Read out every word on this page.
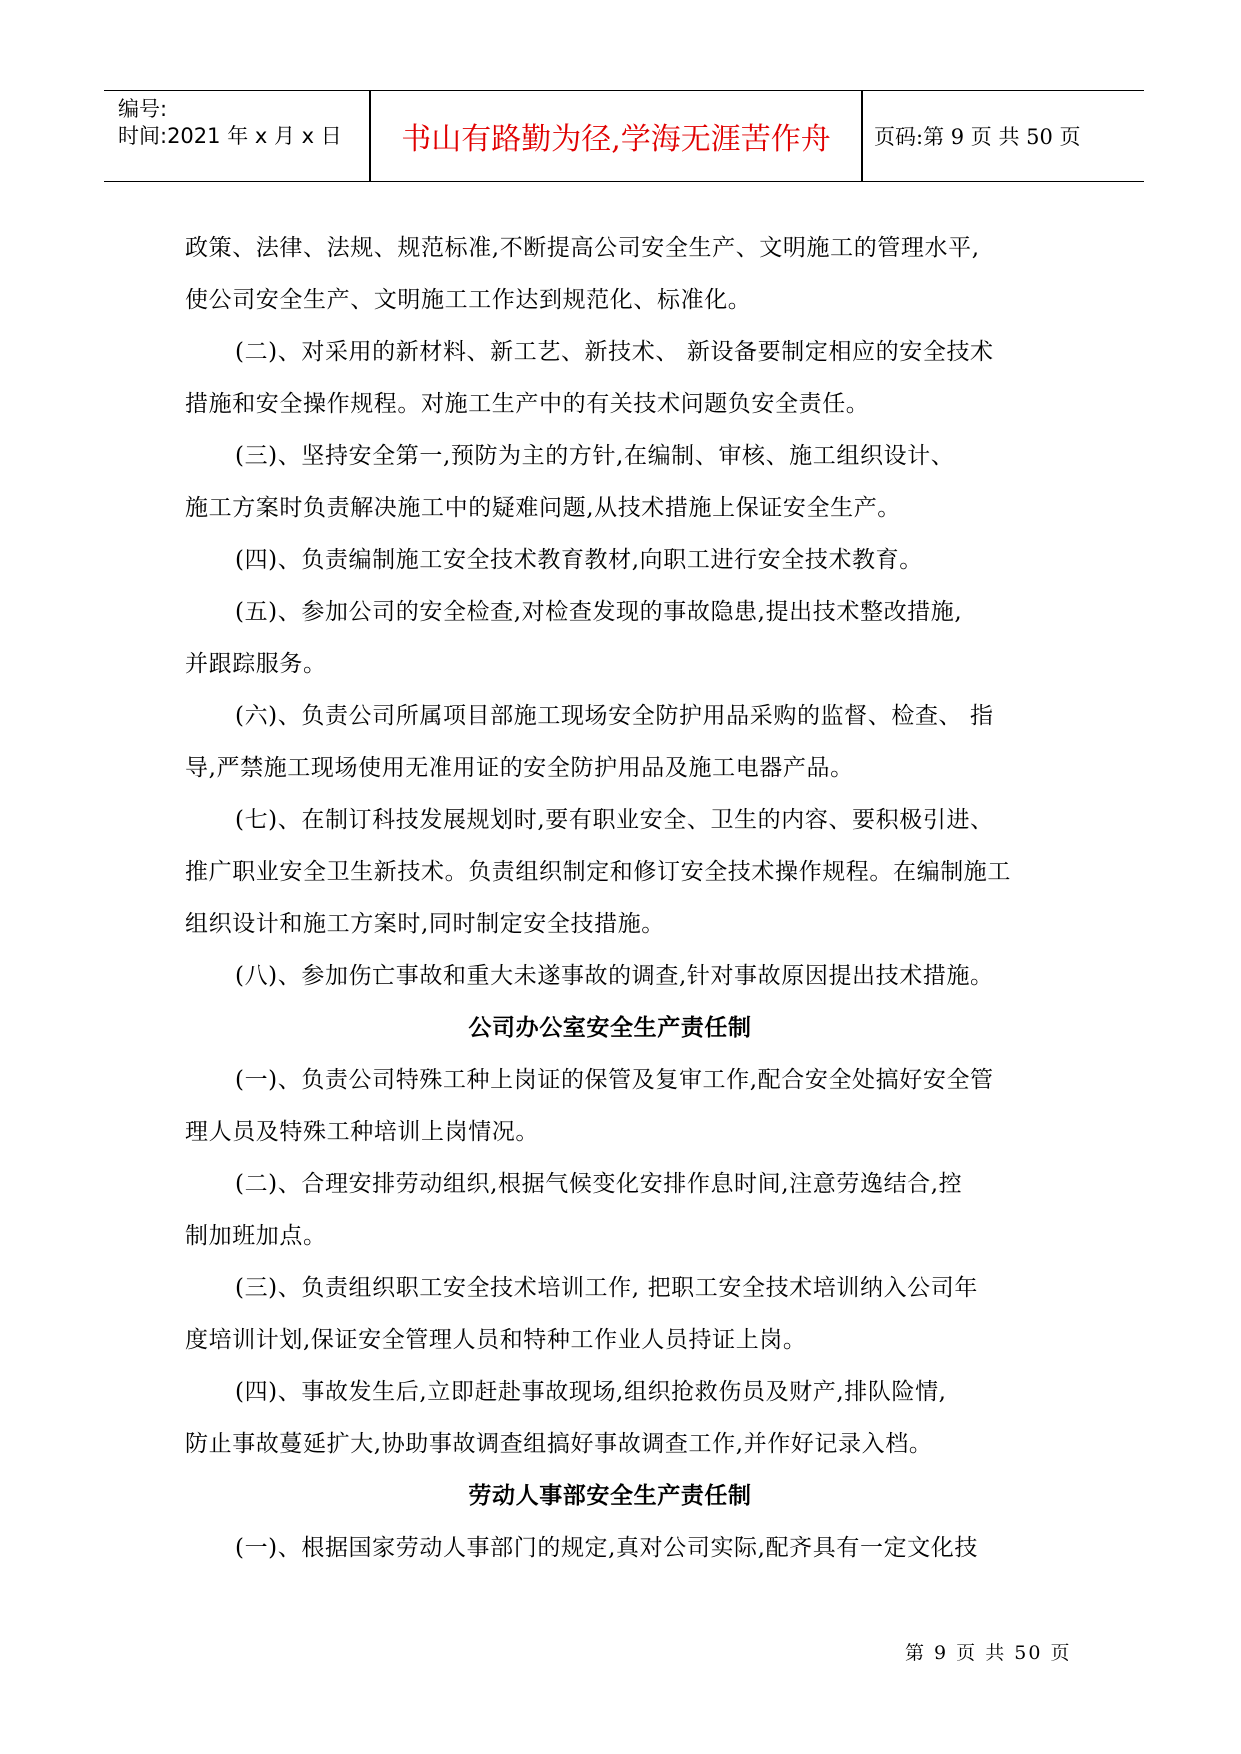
编号:
时间:2021 年 x 月 x 日	书山有路勤为径,学海无涯苦作舟	页码:第 9 页 共 50 页
政策、法律、法规、规范标准,不断提高公司安全生产、文明施工的管理水平,
使公司安全生产、文明施工工作达到规范化、标准化。
(二)、对采用的新材料、新工艺、新技术、 新设备要制定相应的安全技术
措施和安全操作规程。对施工生产中的有关技术问题负安全责任。
(三)、坚持安全第一,预防为主的方针,在编制、审核、施工组织设计、
施工方案时负责解决施工中的疑难问题,从技术措施上保证安全生产。
(四)、负责编制施工安全技术教育教材,向职工进行安全技术教育。
(五)、参加公司的安全检查,对检查发现的事故隐患,提出技术整改措施,
并跟踪服务。
(六)、负责公司所属项目部施工现场安全防护用品采购的监督、检查、 指
导,严禁施工现场使用无准用证的安全防护用品及施工电器产品。
(七)、在制订科技发展规划时,要有职业安全、卫生的内容、要积极引进、
推广职业安全卫生新技术。负责组织制定和修订安全技术操作规程。在编制施工
组织设计和施工方案时,同时制定安全技措施。
(八)、参加伤亡事故和重大未遂事故的调查,针对事故原因提出技术措施。
公司办公室安全生产责任制
(一)、负责公司特殊工种上岗证的保管及复审工作,配合安全处搞好安全管
理人员及特殊工种培训上岗情况。
(二)、合理安排劳动组织,根据气候变化安排作息时间,注意劳逸结合,控
制加班加点。
(三)、负责组织职工安全技术培训工作, 把职工安全技术培训纳入公司年
度培训计划,保证安全管理人员和特种工作业人员持证上岗。
(四)、事故发生后,立即赶赴事故现场,组织抢救伤员及财产,排队险情,
防止事故蔓延扩大,协助事故调查组搞好事故调查工作,并作好记录入档。
劳动人事部安全生产责任制
(一)、根据国家劳动人事部门的规定,真对公司实际,配齐具有一定文化技
第 9 页 共 50 页
